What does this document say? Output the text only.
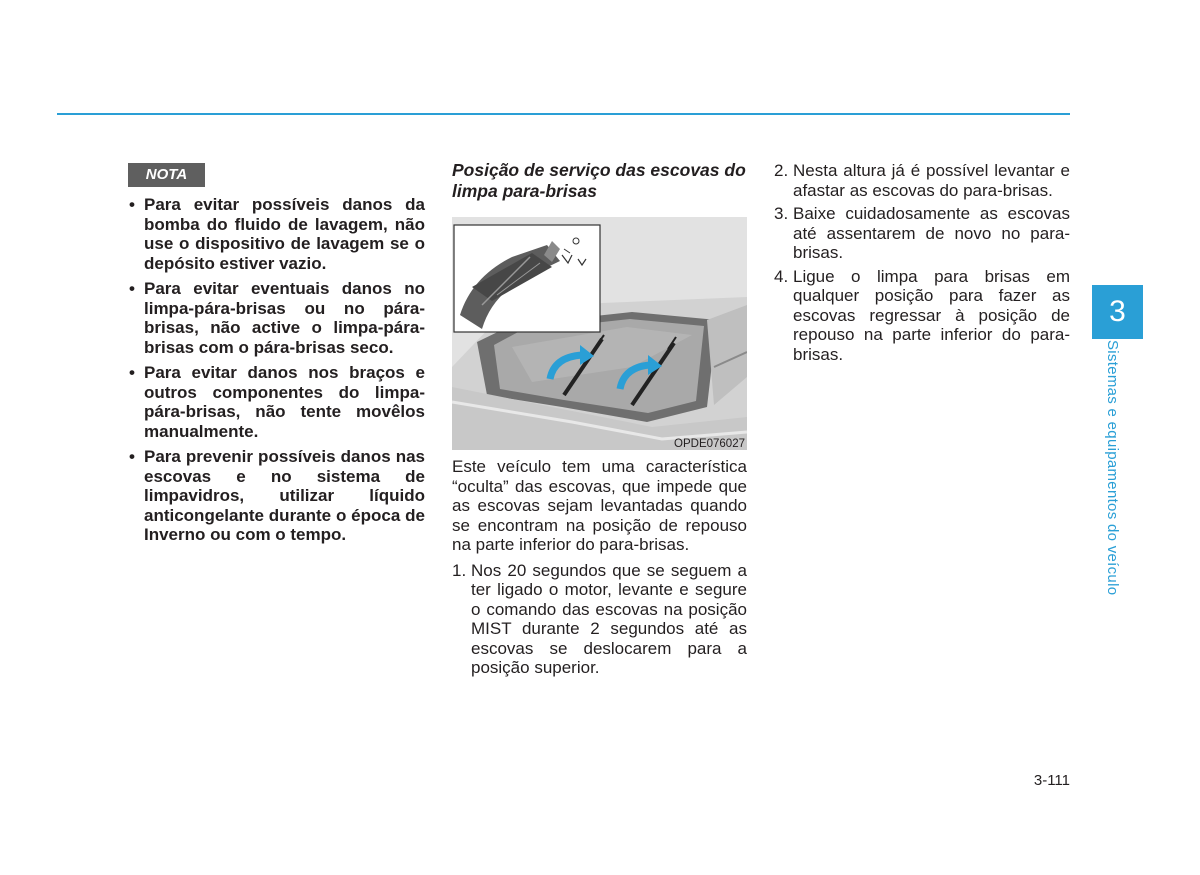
NOTA
• Para evitar possíveis danos da bomba do fluido de lavagem, não use o dispositivo de lavagem se o depósito estiver vazio.
• Para evitar eventuais danos no limpa-pára-brisas ou no pára-brisas, não active o limpa-pára-brisas com o pára-brisas seco.
• Para evitar danos nos braços e outros componentes do limpa-pára-brisas, não tente movêlos manualmente.
• Para prevenir possíveis danos nas escovas e no sistema de limpavidros, utilizar líquido anticongelante durante o época de Inverno ou com o tempo.
Posição de serviço das escovas do limpa para-brisas
OPDE076027

Este veículo tem uma característica “oculta” das escovas, que impede que as escovas sejam levantadas quando se encontram na posição de repouso na parte inferior do para-brisas.

1. Nos 20 segundos que se seguem a ter ligado o motor, levante e segure o comando das escovas na posição MIST durante 2 segundos até as escovas se deslocarem para a posição superior.
2. Nesta altura já é possível levantar e afastar as escovas do para-brisas.
3. Baixe cuidadosamente as escovas até assentarem de novo no para-brisas.
4. Ligue o limpa para brisas em qualquer posição para fazer as escovas regressar à posição de repouso na parte inferior do para-brisas.
3
Sistemas e equipamentos do veículo
3-111
